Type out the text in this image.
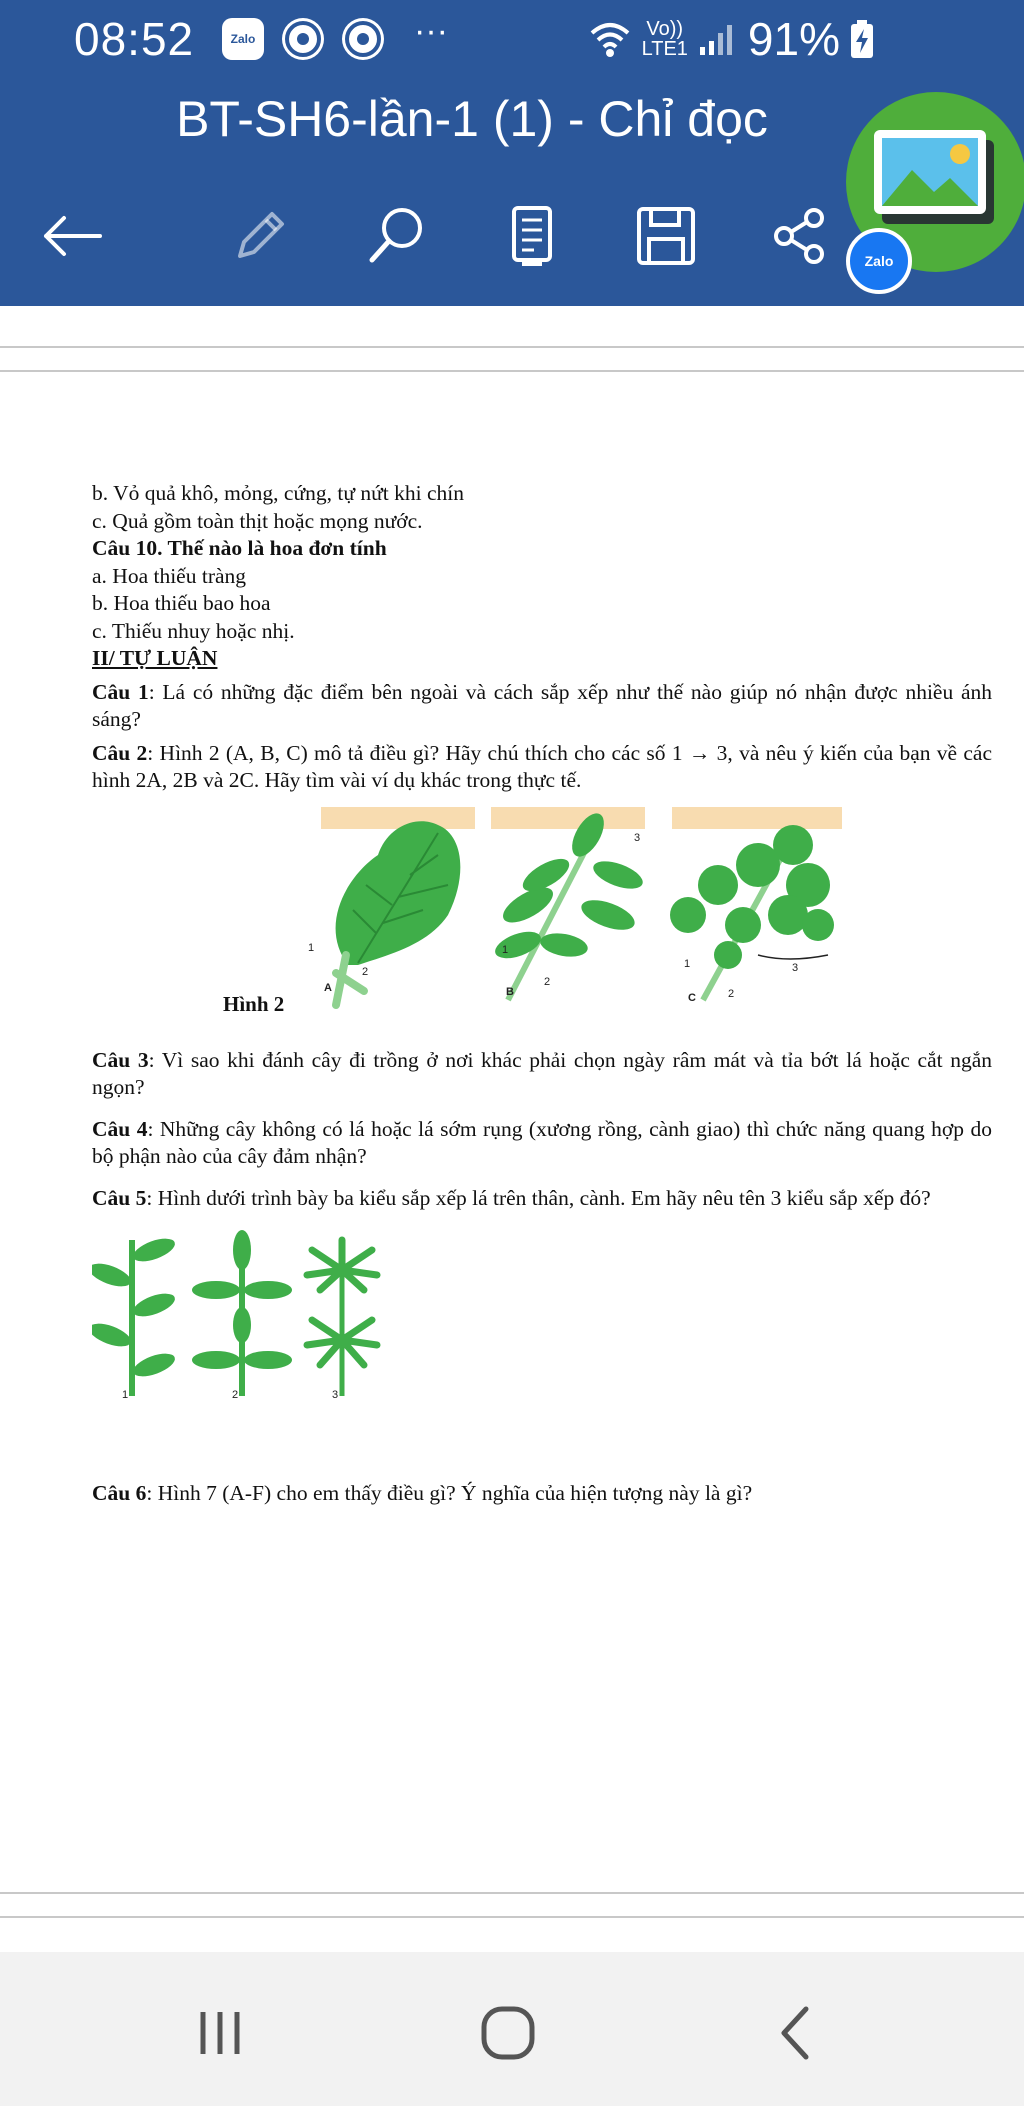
08:52	Zalo	···	Vo))
LTE1 91%
BT-SH6-lần-1 (1) - Chỉ đọc
Zalo

b. Vỏ quả khô, mỏng, cứng, tự nứt khi chín

c. Quả gồm toàn thịt hoặc mọng nước.

Câu 10. Thế nào là hoa đơn tính

a. Hoa thiếu tràng

b. Hoa thiếu bao hoa

c. Thiếu nhuy hoặc nhị.

II/ TỰ LUẬN

Câu 1: Lá có những đặc điểm bên ngoài và cách sắp xếp như thế nào giúp nó nhận được nhiều ánh sáng?

Câu 2: Hình 2 (A, B, C) mô tả điều gì? Hãy chú thích cho các số 1 → 3, và nêu ý kiến của bạn về các hình 2A, 2B và 2C. Hãy tìm vài ví dụ khác trong thực tế.

Hình 2
1
2
1
2
3
1
2
3
A	B	C

Câu 3: Vì sao khi đánh cây đi trồng ở nơi khác phải chọn ngày râm mát và tỉa bớt lá hoặc cắt ngắn ngọn?

Câu 4: Những cây không có lá hoặc lá sớm rụng (xương rồng, cành giao) thì chức năng quang hợp do bộ phận nào của cây đảm nhận?

Câu 5: Hình dưới trình bày ba kiểu sắp xếp lá trên thân, cành. Em hãy nêu tên 3 kiểu sắp xếp đó?

1	2	3

Câu 6: Hình 7 (A-F) cho em thấy điều gì? Ý nghĩa của hiện tượng này là gì?
